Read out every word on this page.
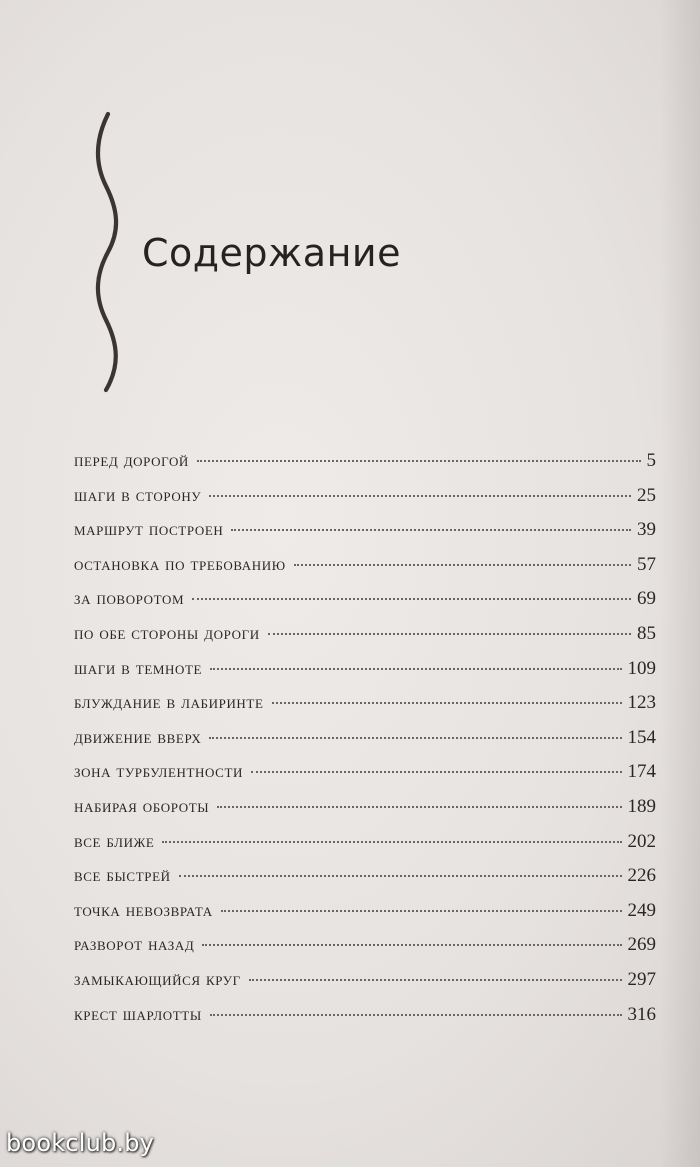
Содержание
перед дорогой	5
шаги в сторону	25
маршрут построен	39
остановка по требованию	57
за поворотом	69
по обе стороны дороги	85
шаги в темноте	109
блуждание в лабиринте	123
движение вверх	154
зона турбулентности	174
набирая обороты	189
все ближе	202
все быстрей	226
точка невозврата	249
разворот назад	269
замыкающийся круг	297
крест шарлотты	316
bookclub.by
